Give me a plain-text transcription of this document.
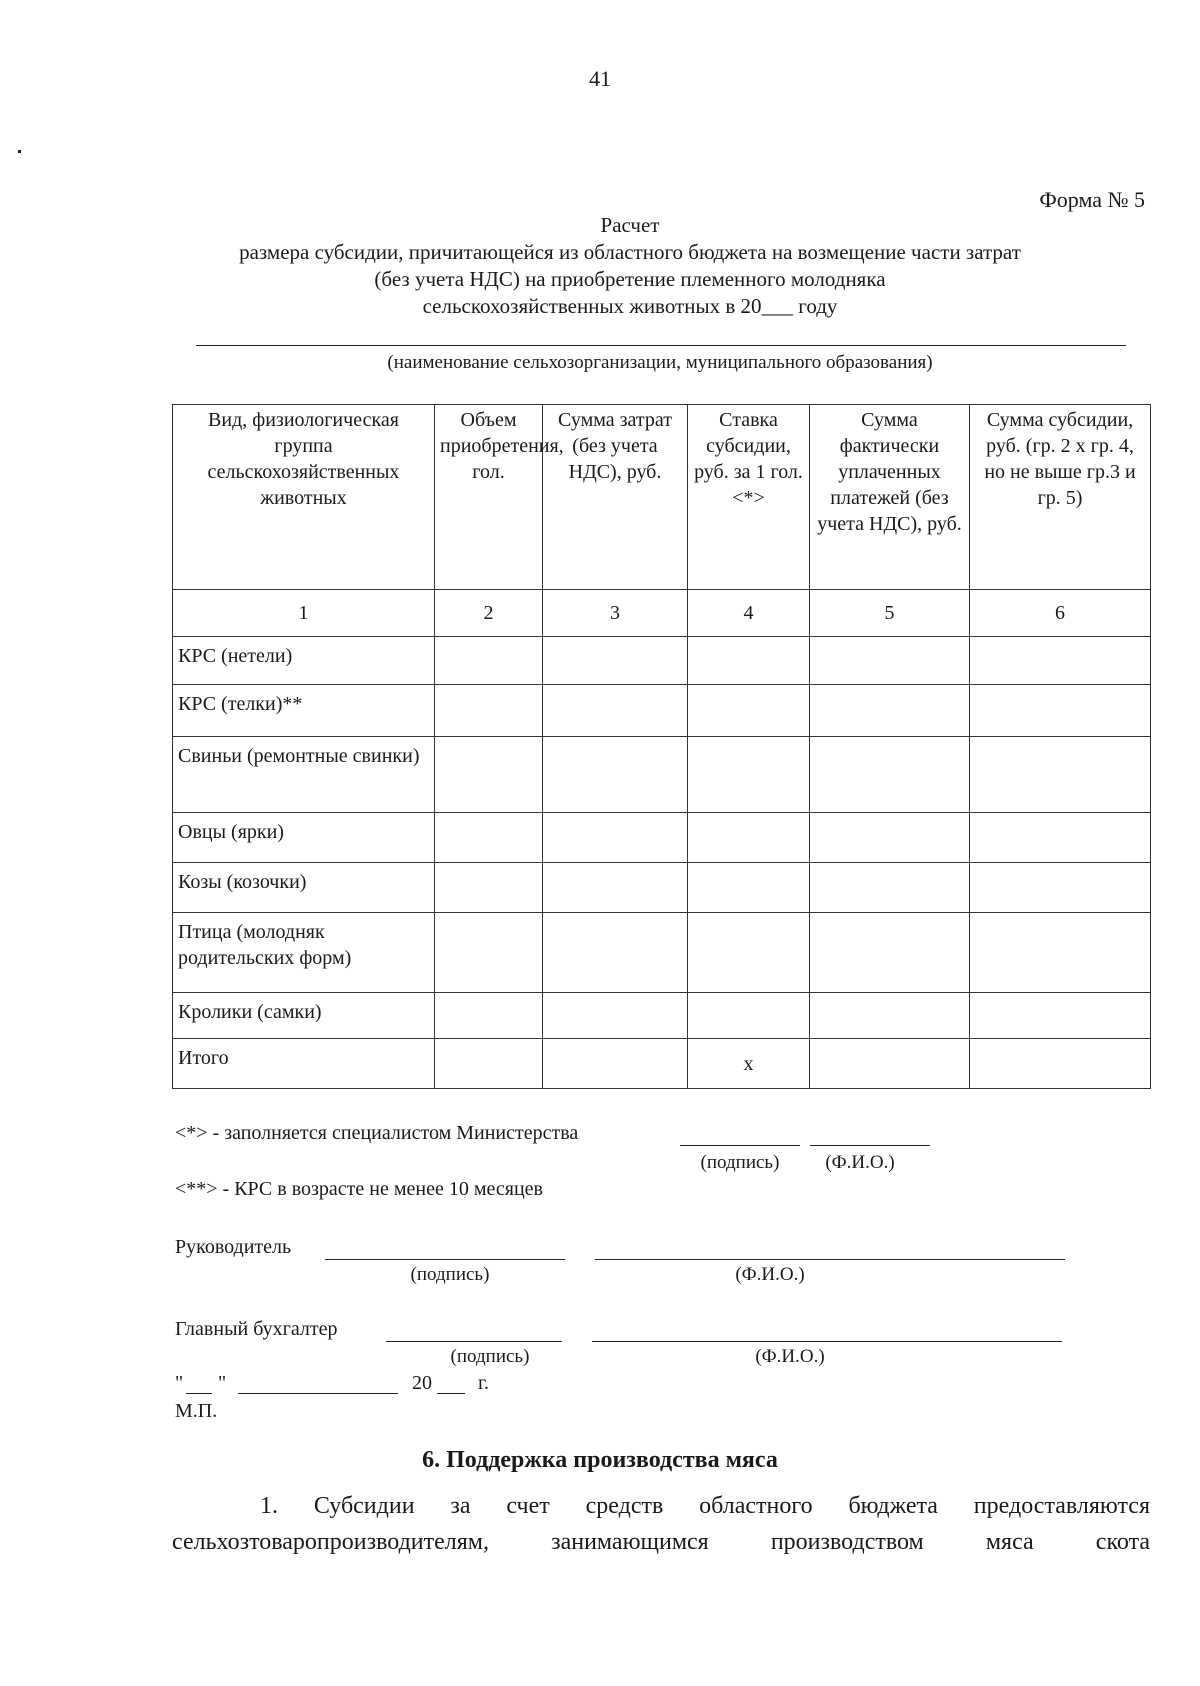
41
Форма № 5
Расчет
размера субсидии, причитающейся из областного бюджета на возмещение части затрат
(без учета НДС) на приобретение племенного молодняка
сельскохозяйственных животных в 20___ году
(наименование сельхозорганизации, муниципального образования)
Вид, физиологическая группа сельскохозяйственных животных	Объем приобретения, гол.	Сумма затрат (без учета НДС), руб.	Ставка субсидии, руб. за 1 гол. <*>	Сумма фактически уплаченных платежей (без учета НДС), руб.	Сумма субсидии, руб. (гр. 2 х гр. 4, но не выше гр.3 и гр. 5)
1	2	3	4	5	6
КРС (нетели)					
КРС (телки)**					
Свиньи (ремонтные свинки)					
Овцы (ярки)					
Козы (козочки)					
Птица (молодняк родительских форм)					
Кролики (самки)					
Итого			х		
<*> - заполняется специалистом Министерства
(подпись)	(Ф.И.О.)
<**> - КРС в возрасте не менее 10 месяцев
Руководитель
(подпись)	(Ф.И.О.)
Главный бухгалтер
(подпись)	(Ф.И.О.)
" "	20 г.
М.П.
6. Поддержка производства мяса
1. Субсидии за счет средств областного бюджета предоставляются
сельхозтоваропроизводителям, занимающимся производством мяса скота
